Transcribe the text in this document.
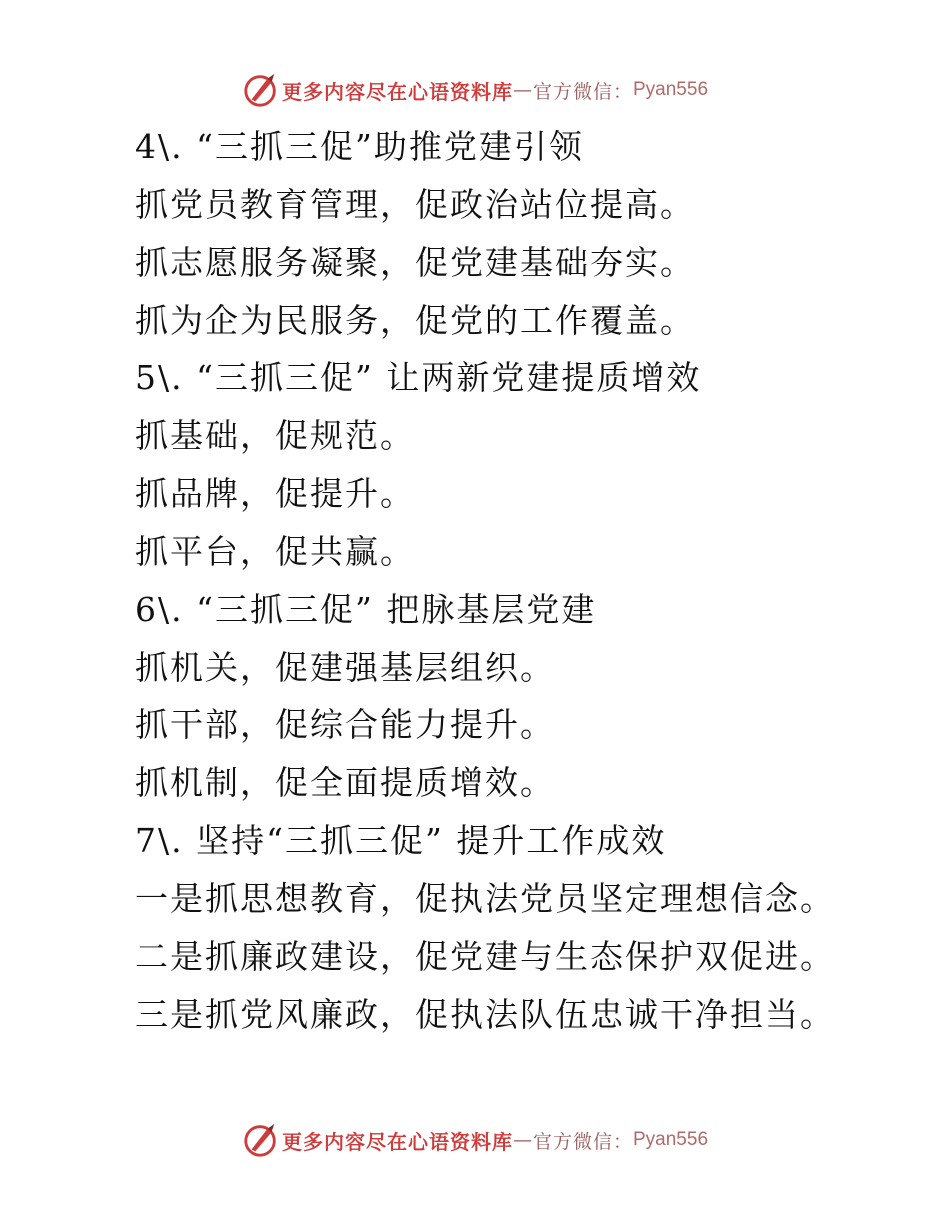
更多内容尽在心语资料库 — 官方微信： Pyan556
4\. “三抓三促”助推党建引领
抓党员教育管理，促政治站位提高。
抓志愿服务凝聚，促党建基础夯实。
抓为企为民服务，促党的工作覆盖。
5\. “三抓三促” 让两新党建提质增效
抓基础，促规范。
抓品牌，促提升。
抓平台，促共赢。
6\. “三抓三促” 把脉基层党建
抓机关，促建强基层组织。
抓干部，促综合能力提升。
抓机制，促全面提质增效。
7\. 坚持“三抓三促” 提升工作成效
一是抓思想教育，促执法党员坚定理想信念。
二是抓廉政建设，促党建与生态保护双促进。
三是抓党风廉政，促执法队伍忠诚干净担当。
更多内容尽在心语资料库 — 官方微信： Pyan556
